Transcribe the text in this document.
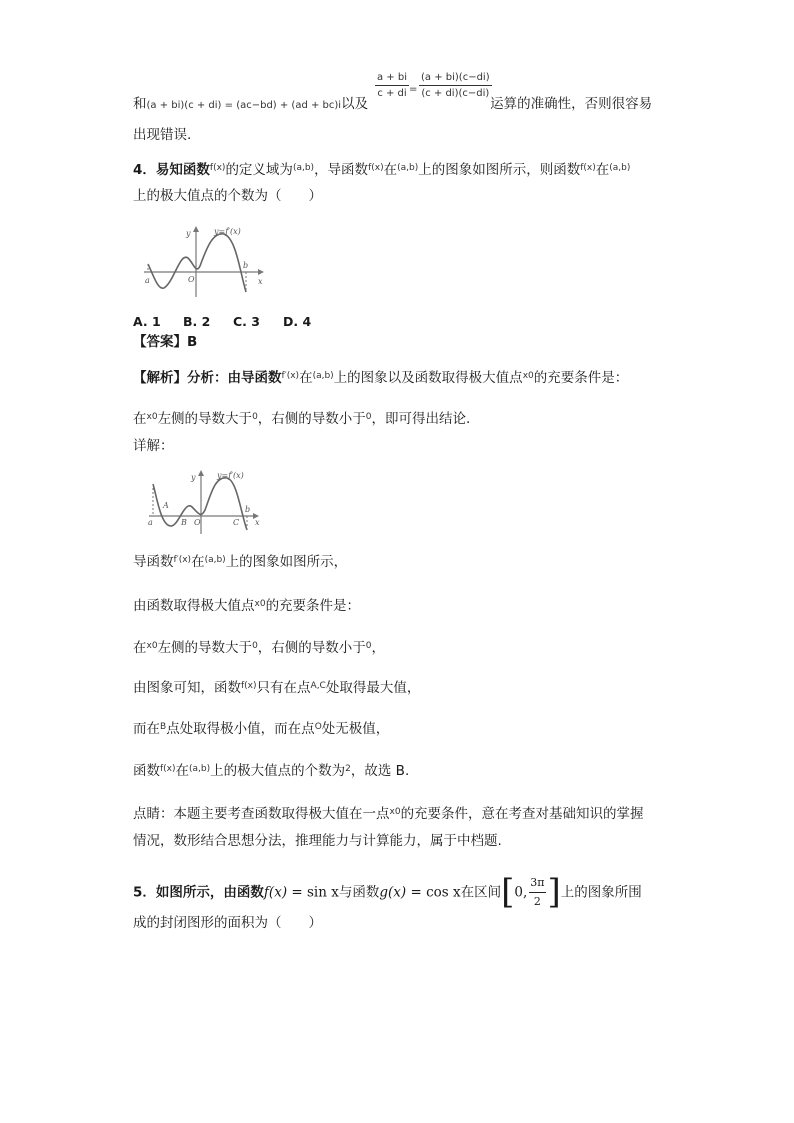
$\frac{a + bi}{c + di} = \frac{(a + bi)(c-di)}{(c + di)(c-di)}$
和(a + bi)(c + di) = (ac−bd) + (ad + bc)i以及	运算的准确性，否则很容易
出现错误.
4．易知函数$^{f(x)}$的定义域为$^{(a,b)}$，导函数$^{f(x)}$在$^{(a,b)}$上的图象如图所示，则函数$^{f(x)}$在$^{(a,b)}$
上的极大值点的个数为（　　）
y	y=f′(x)
O
a
b
x
A. 1 B. 2 C. 3 D. 4
【答案】B
【解析】分析：由导函数$^{f'(x)}$在$^{(a,b)}$上的图象以及函数取得极大值点$^{x0}$的充要条件是：
在$^{x0}$左侧的导数大于$^0$，右侧的导数小于$^0$，即可得出结论.
详解：
y	y=f′(x)
A
B O	C
a
b
x
导函数$^{f'(x)}$在$^{(a,b)}$上的图象如图所示，
由函数取得极大值点$^{x0}$的充要条件是：
在$^{x0}$左侧的导数大于$^0$，右侧的导数小于$^0$，
由图象可知，函数$^{f(x)}$只有在点$^{A,C}$处取得最大值，
而在$^B$点处取得极小值，而在点$^O$处无极值，
函数$^{f(x)}$在$^{(a,b)}$上的极大值点的个数为$^2$，故选 B.
点睛：本题主要考查函数取得极大值在一点$^{x0}$的充要条件，意在考查对基础知识的掌握
情况，数形结合思想分法，推理能力与计算能力，属于中档题.
5．如图所示，由函数f(x) = sin x与函数g(x) = cos x在区间[0, $\frac{3\pi}{2}$ ]上的图象所围
成的封闭图形的面积为（　　）
